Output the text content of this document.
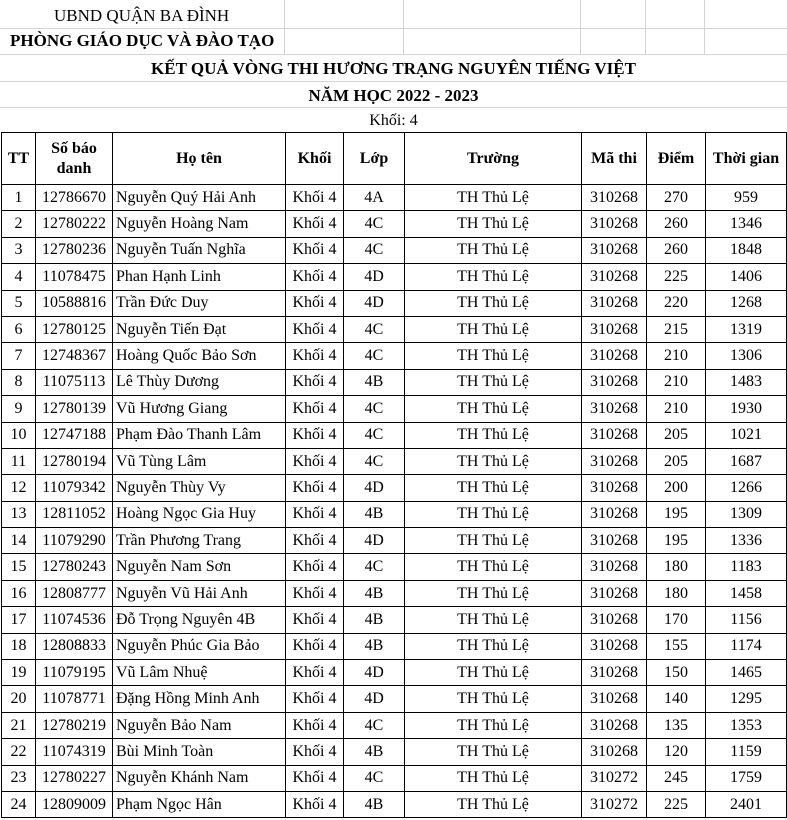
UBND QUẬN BA ĐÌNH
PHÒNG GIÁO DỤC VÀ ĐÀO TẠO
KẾT QUẢ VÒNG THI HƯƠNG TRẠNG NGUYÊN TIẾNG VIỆT
NĂM HỌC 2022 - 2023
Khối: 4
TT	Số báo danh	Họ tên	Khối	Lớp	Trường	Mã thi	Điểm	Thời gian
1	12786670	Nguyễn Quý Hải Anh	Khối 4	4A	TH Thủ Lệ	310268	270	959
2	12780222	Nguyễn Hoàng Nam	Khối 4	4C	TH Thủ Lệ	310268	260	1346
3	12780236	Nguyễn Tuấn Nghĩa	Khối 4	4C	TH Thủ Lệ	310268	260	1848
4	11078475	Phan Hạnh Linh	Khối 4	4D	TH Thủ Lệ	310268	225	1406
5	10588816	Trần Đức Duy	Khối 4	4D	TH Thủ Lệ	310268	220	1268
6	12780125	Nguyễn Tiến Đạt	Khối 4	4C	TH Thủ Lệ	310268	215	1319
7	12748367	Hoàng Quốc Bảo Sơn	Khối 4	4C	TH Thủ Lệ	310268	210	1306
8	11075113	Lê Thùy Dương	Khối 4	4B	TH Thủ Lệ	310268	210	1483
9	12780139	Vũ Hương Giang	Khối 4	4C	TH Thủ Lệ	310268	210	1930
10	12747188	Phạm Đào Thanh Lâm	Khối 4	4C	TH Thủ Lệ	310268	205	1021
11	12780194	Vũ Tùng Lâm	Khối 4	4C	TH Thủ Lệ	310268	205	1687
12	11079342	Nguyễn Thùy Vy	Khối 4	4D	TH Thủ Lệ	310268	200	1266
13	12811052	Hoàng Ngọc Gia Huy	Khối 4	4B	TH Thủ Lệ	310268	195	1309
14	11079290	Trần Phương Trang	Khối 4	4D	TH Thủ Lệ	310268	195	1336
15	12780243	Nguyễn Nam Sơn	Khối 4	4C	TH Thủ Lệ	310268	180	1183
16	12808777	Nguyễn Vũ Hải Anh	Khối 4	4B	TH Thủ Lệ	310268	180	1458
17	11074536	Đỗ Trọng Nguyên 4B	Khối 4	4B	TH Thủ Lệ	310268	170	1156
18	12808833	Nguyễn Phúc Gia Bảo	Khối 4	4B	TH Thủ Lệ	310268	155	1174
19	11079195	Vũ Lâm Nhuệ	Khối 4	4D	TH Thủ Lệ	310268	150	1465
20	11078771	Đặng Hồng Minh Anh	Khối 4	4D	TH Thủ Lệ	310268	140	1295
21	12780219	Nguyễn Bảo Nam	Khối 4	4C	TH Thủ Lệ	310268	135	1353
22	11074319	Bùi Minh Toàn	Khối 4	4B	TH Thủ Lệ	310268	120	1159
23	12780227	Nguyễn Khánh Nam	Khối 4	4C	TH Thủ Lệ	310272	245	1759
24	12809009	Phạm Ngọc Hân	Khối 4	4B	TH Thủ Lệ	310272	225	2401
